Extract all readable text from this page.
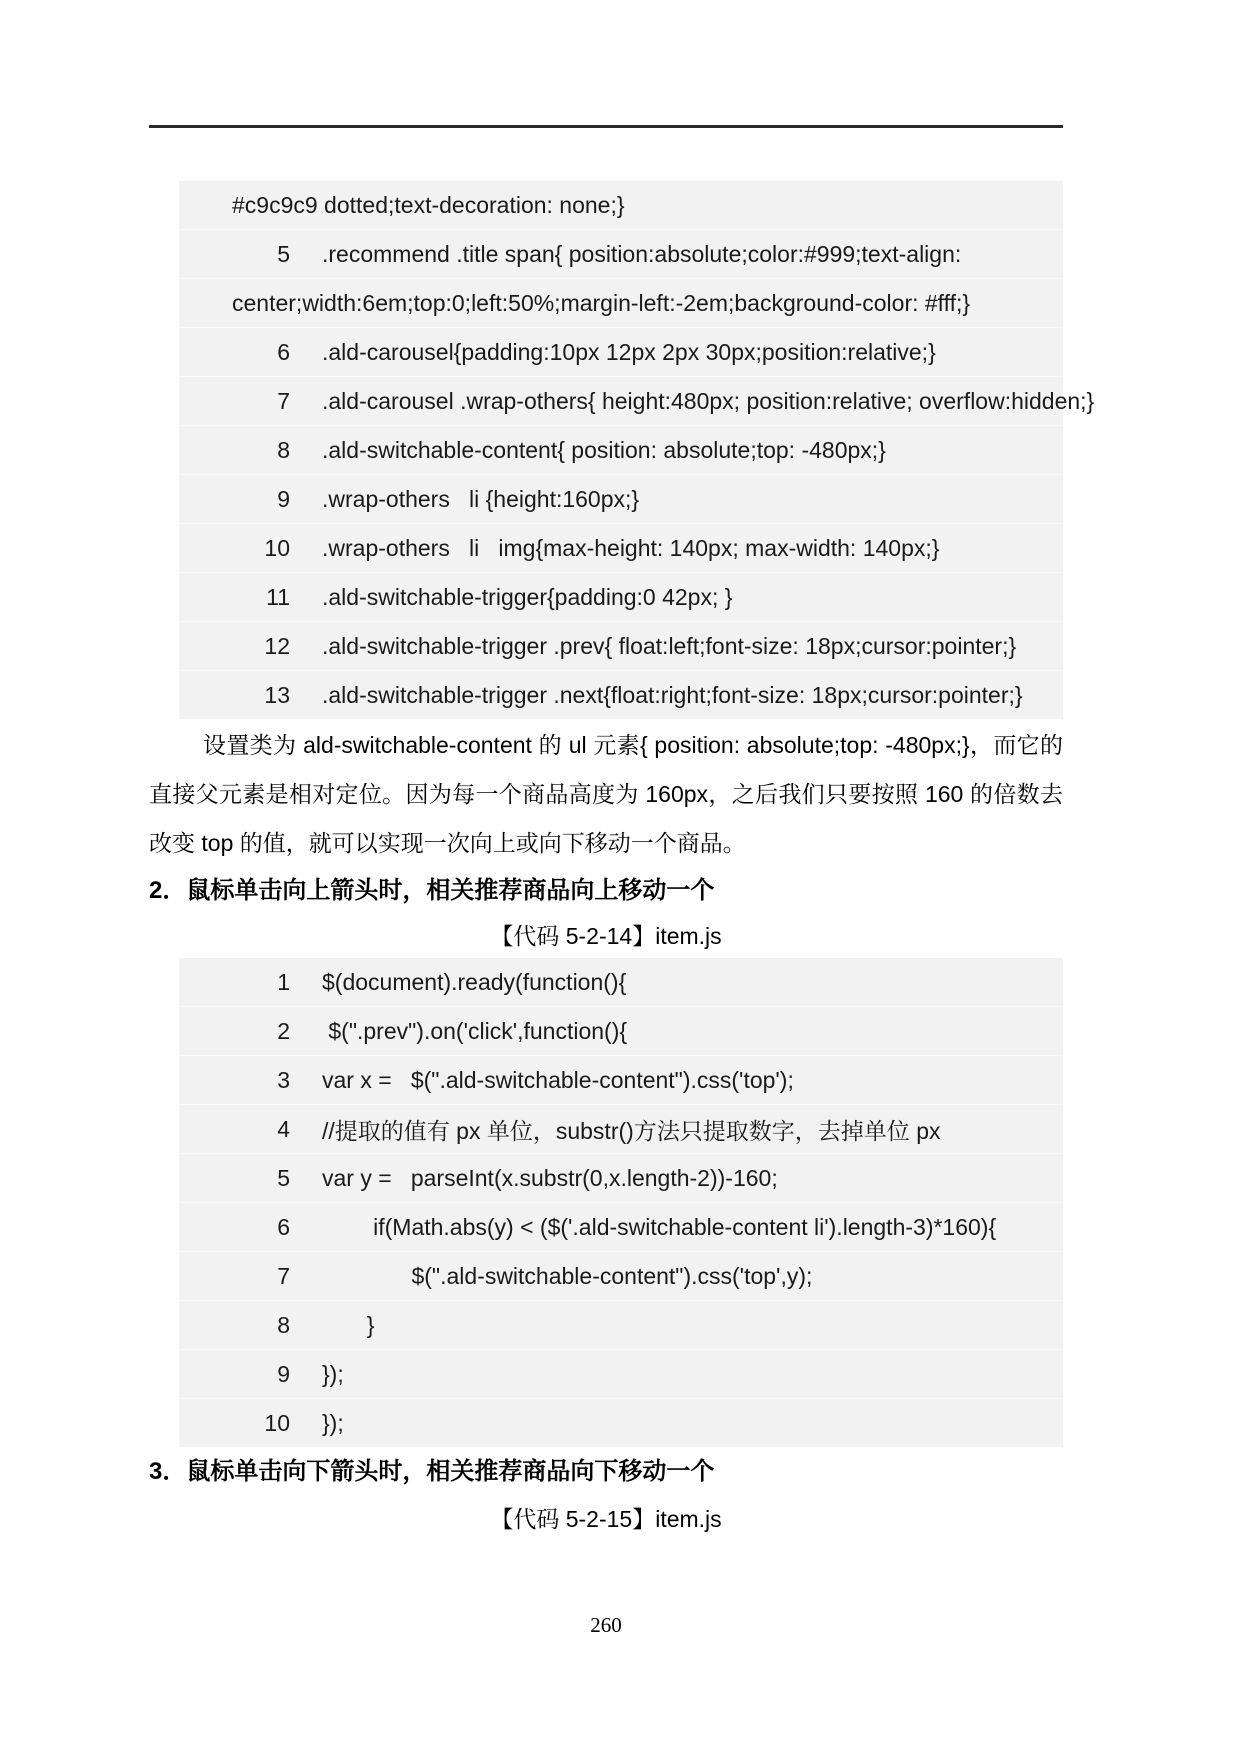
#c9c9c9 dotted;text-decoration: none;}
5	.recommend .title span{ position:absolute;color:#999;text-align:
center;width:6em;top:0;left:50%;margin-left:-2em;background-color: #fff;}
6	.ald-carousel{padding:10px 12px 2px 30px;position:relative;}
7	.ald-carousel .wrap-others{ height:480px; position:relative; overflow:hidden;}
8	.ald-switchable-content{ position: absolute;top: -480px;}
9	.wrap-others   li {height:160px;}
10	.wrap-others   li   img{max-height: 140px; max-width: 140px;}
11	.ald-switchable-trigger{padding:0 42px; }
12	.ald-switchable-trigger .prev{ float:left;font-size: 18px;cursor:pointer;}
13	.ald-switchable-trigger .next{float:right;font-size: 18px;cursor:pointer;}

设置类为 ald-switchable-content 的 ul 元素{ position: absolute;top: -480px;}，而它的直接父元素是相对定位。因为每一个商品高度为 160px，之后我们只要按照 160 的倍数去改变 top 的值，就可以实现一次向上或向下移动一个商品。

2．鼠标单击向上箭头时，相关推荐商品向上移动一个
【代码 5-2-14】item.js
1	$(document).ready(function(){
2	$(".prev").on('click',function(){
3	var x =   $(".ald-switchable-content").css('top');
4	//提取的值有 px 单位，substr()方法只提取数字，去掉单位 px
5	var y =   parseInt(x.substr(0,x.length-2))-160;
6	if(Math.abs(y) < ($('.ald-switchable-content li').length-3)*160){
7	$(".ald-switchable-content").css('top',y);
8	}
9	});
10	});
3．鼠标单击向下箭头时，相关推荐商品向下移动一个
【代码 5-2-15】item.js
260
